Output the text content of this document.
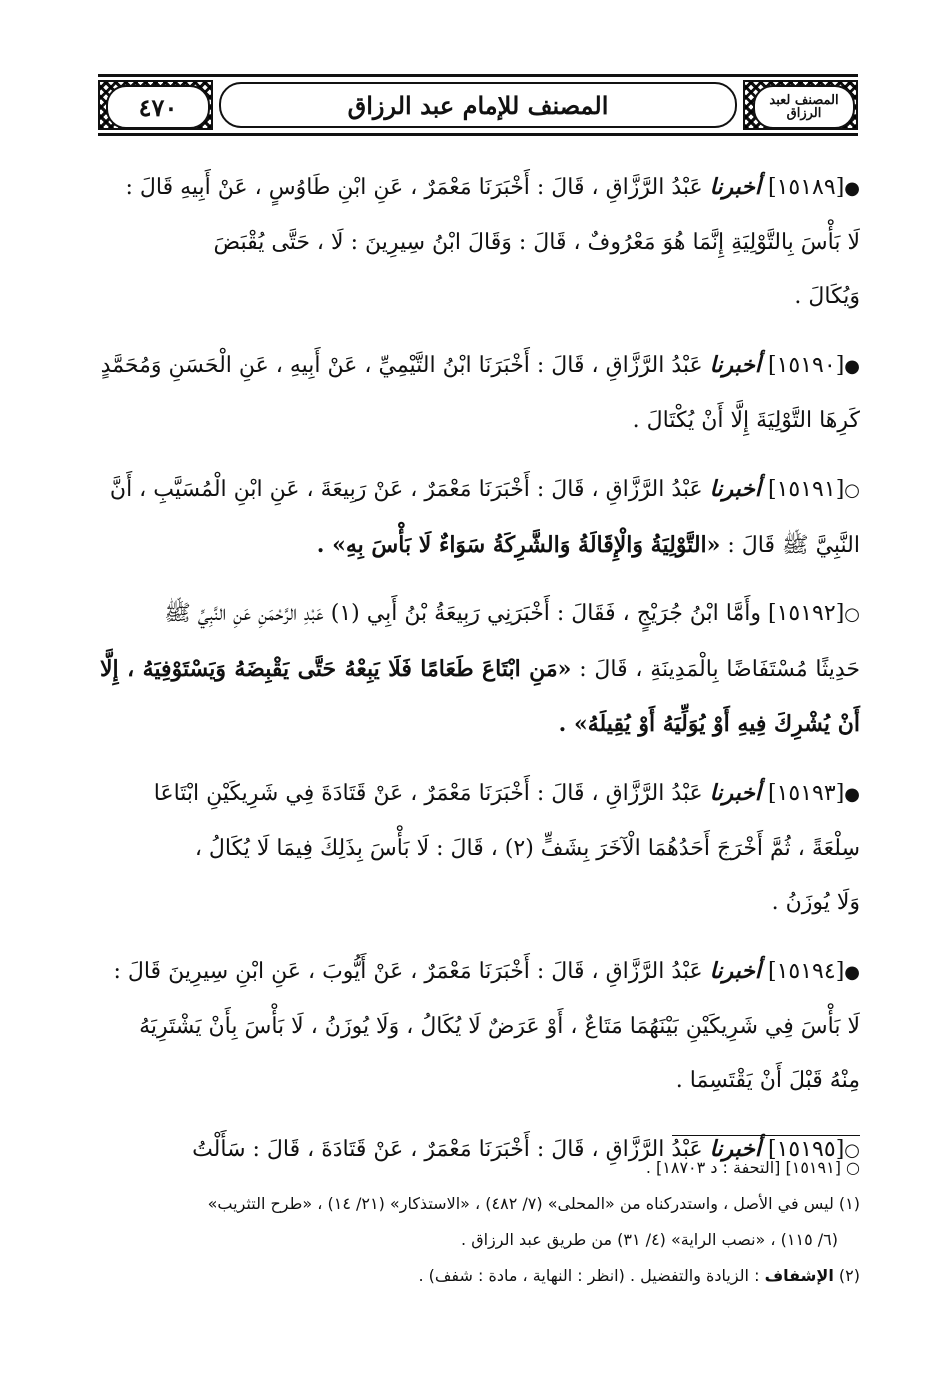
٤٧٠	المصنف للإمام عبد الرزاق	المصنف لعبد الرزاق

●[١٥١٨٩] أخبرنا عَبْدُ الرَّزَّاقِ ، قَالَ : أَخْبَرَنَا مَعْمَرٌ ، عَنِ ابْنِ طَاوُسٍ ، عَنْ أَبِيهِ قَالَ :

لَا بَأْسَ بِالتَّوْلِيَةِ إِنَّمَا هُوَ مَعْرُوفٌ ، قَالَ : وَقَالَ ابْنُ سِيرِينَ : لَا ، حَتَّى يُقْبَضَ

وَيُكَالَ .

●[١٥١٩٠] أخبرنا عَبْدُ الرَّزَّاقِ ، قَالَ : أَخْبَرَنَا ابْنُ التَّيْمِيِّ ، عَنْ أَبِيهِ ، عَنِ الْحَسَنِ وَمُحَمَّدٍ

كَرِهَا التَّوْلِيَةَ إِلَّا أَنْ يُكْتَالَ .

○[١٥١٩١] أخبرنا عَبْدُ الرَّزَّاقِ ، قَالَ : أَخْبَرَنَا مَعْمَرٌ ، عَنْ رَبِيعَةَ ، عَنِ ابْنِ الْمُسَيَّبِ ، أَنَّ

النَّبِيَّ ﷺ قَالَ : «التَّوْلِيَةُ وَالْإِقَالَةُ وَالشَّرِكَةُ سَوَاءٌ لَا بَأْسَ بِهِ» .

○[١٥١٩٢] وأَمَّا ابْنُ جُرَيْجٍ ، فَقَالَ : أَخْبَرَنِي رَبِيعَةُ بْنُ أَبِي (١) عَبْدِ الرَّحْمَنِ عَنِ النَّبِيِّ ﷺ

حَدِيثًا مُسْتَفَاضًا بِالْمَدِينَةِ ، قَالَ : «مَنِ ابْتَاعَ طَعَامًا فَلَا يَبِعْهُ حَتَّى يَقْبِضَهُ وَيَسْتَوْفِيَهُ ، إِلَّا أَنْ يُشْرِكَ فِيهِ أَوْ يُوَلِّيَهُ أَوْ يُقِيلَهُ» .

●[١٥١٩٣] أخبرنا عَبْدُ الرَّزَّاقِ ، قَالَ : أَخْبَرَنَا مَعْمَرٌ ، عَنْ قَتَادَةَ فِي شَرِيكَيْنِ ابْتَاعَا

سِلْعَةً ، ثُمَّ أَخْرَجَ أَحَدُهُمَا الْآخَرَ بِشَفٍّ (٢) ، قَالَ : لَا بَأْسَ بِذَلِكَ فِيمَا لَا يُكَالُ ،

وَلَا يُوزَنُ .

●[١٥١٩٤] أخبرنا عَبْدُ الرَّزَّاقِ ، قَالَ : أَخْبَرَنَا مَعْمَرٌ ، عَنْ أَيُّوبَ ، عَنِ ابْنِ سِيرِينَ قَالَ :

لَا بَأْسَ فِي شَرِيكَيْنِ بَيْنَهُمَا مَتَاعٌ ، أَوْ عَرَضٌ لَا يُكَالُ ، وَلَا يُوزَنُ ، لَا بَأْسَ بِأَنْ يَشْتَرِيَهُ

مِنْهُ قَبْلَ أَنْ يَقْتَسِمَا .

○[١٥١٩٥] أخبرنا عَبْدُ الرَّزَّاقِ ، قَالَ : أَخْبَرَنَا مَعْمَرٌ ، عَنْ قَتَادَةَ ، قَالَ : سَأَلْتُ

○ [١٥١٩١] [التحفة : د ١٨٧٠٣] .

(١) ليس في الأصل ، واستدركناه من «المحلى» (٧/ ٤٨٢) ، «الاستذكار» (٢١/ ١٤) ، «طرح التثريب»

(٦/ ١١٥) ، «نصب الراية» (٤/ ٣١) من طريق عبد الرزاق .

(٢) الإشفاف : الزيادة والتفضيل . (انظر : النهاية ، مادة : شفف) .
